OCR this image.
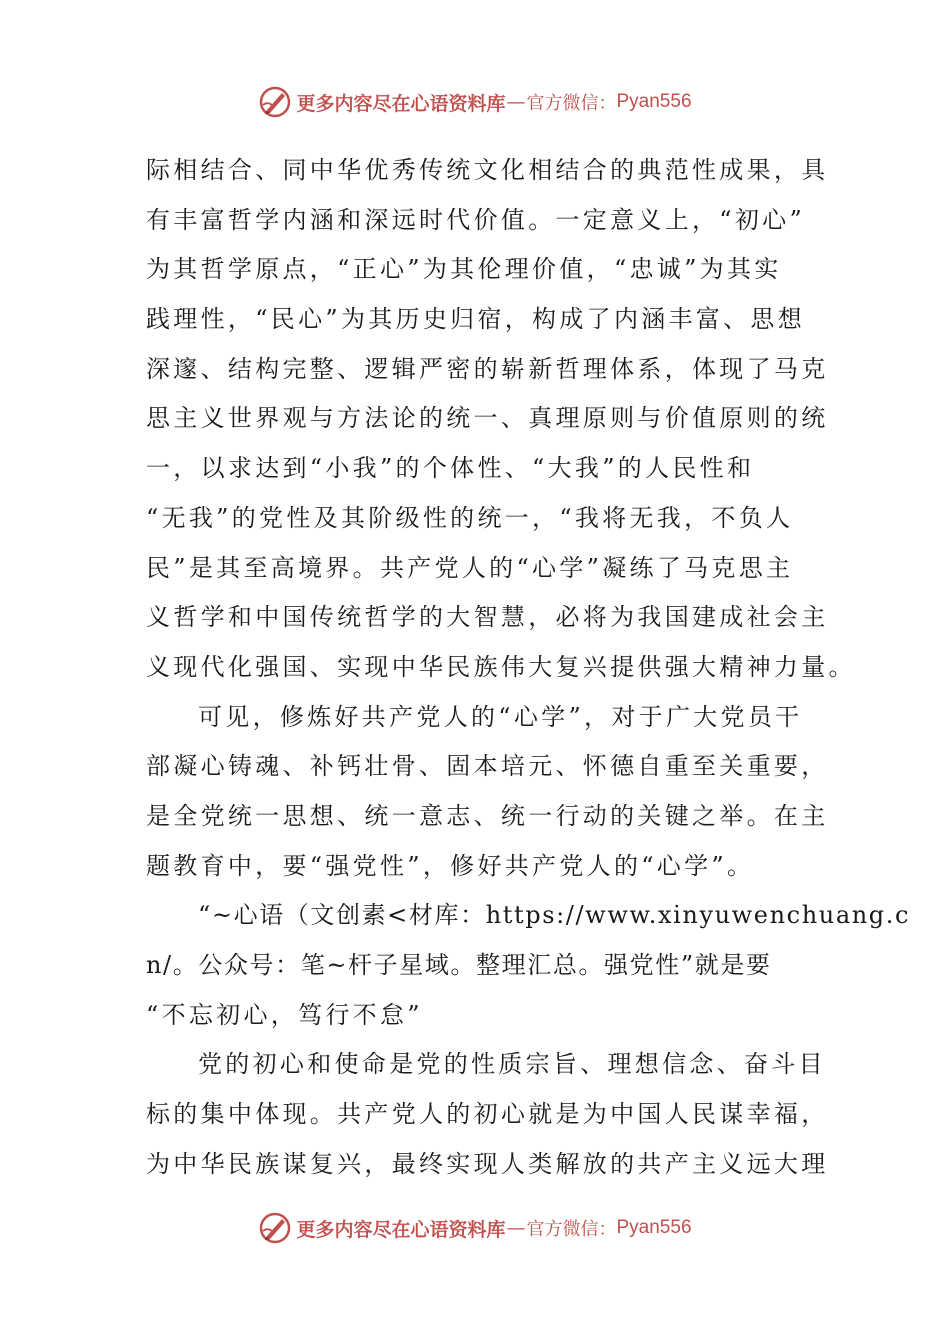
更多内容尽在心语资料库 — 官方微信： Pyan556
际相结合、同中华优秀传统文化相结合的典范性成果，具
有丰富哲学内涵和深远时代价值。一定意义上，“初心”
为其哲学原点，“正心”为其伦理价值，“忠诚”为其实
践理性，“民心”为其历史归宿，构成了内涵丰富、思想
深邃、结构完整、逻辑严密的崭新哲理体系，体现了马克
思主义世界观与方法论的统一、真理原则与价值原则的统
一，以求达到“小我”的个体性、“大我”的人民性和
“无我”的党性及其阶级性的统一，“我将无我，不负人
民”是其至高境界。共产党人的“心学”凝练了马克思主
义哲学和中国传统哲学的大智慧，必将为我国建成社会主
义现代化强国、实现中华民族伟大复兴提供强大精神力量。
可见，修炼好共产党人的“心学”，对于广大党员干
部凝心铸魂、补钙壮骨、固本培元、怀德自重至关重要，
是全党统一思想、统一意志、统一行动的关键之举。在主
题教育中，要“强党性”，修好共产党人的“心学”。
“~心语（文创素<材库：https://www.xinyuwenchuang.c
n/。公众号：笔~杆子星域。整理汇总。强党性”就是要
“不忘初心，笃行不怠”
党的初心和使命是党的性质宗旨、理想信念、奋斗目
标的集中体现。共产党人的初心就是为中国人民谋幸福，
为中华民族谋复兴，最终实现人类解放的共产主义远大理
更多内容尽在心语资料库 — 官方微信： Pyan556
